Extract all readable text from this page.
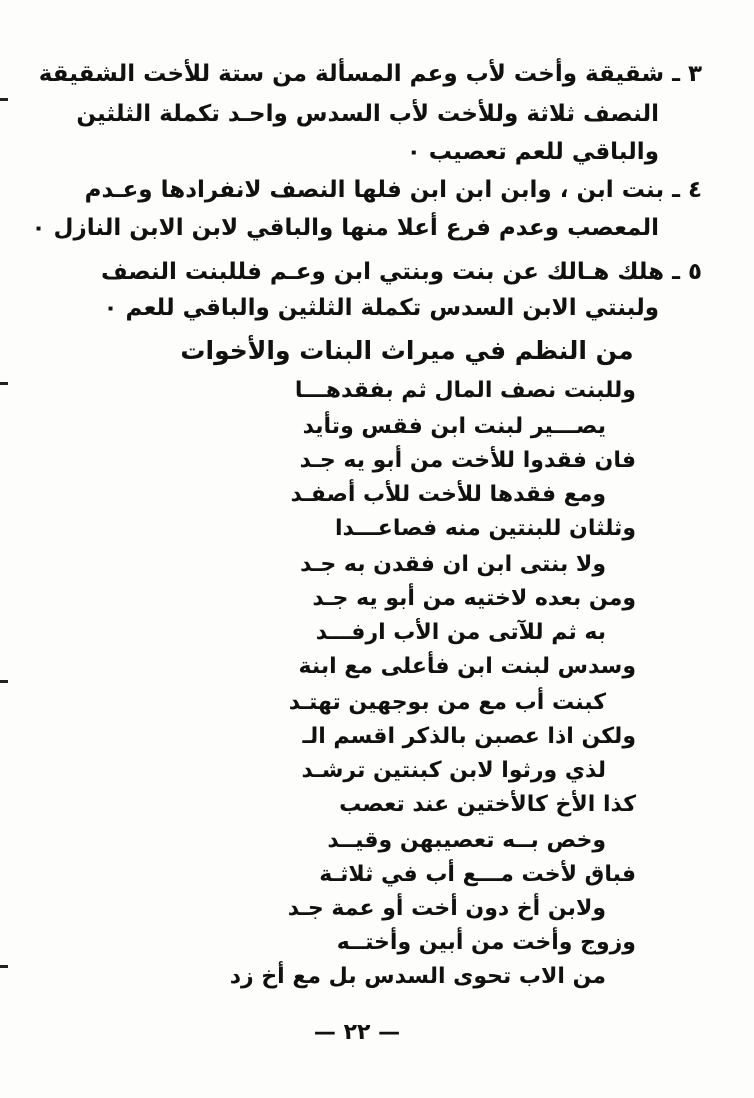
٣ ـ شقيقة وأخت لأب وعم المسألة من ستة للأخت الشقيقة
النصف ثلاثة وللأخت لأب السدس واحـد تكملة الثلثين
والباقي للعم تعصيب ٠
٤ ـ بنت ابن ، وابن ابن ابن فلها النصف لانفرادها وعـدم
المعصب وعدم فرع أعلا منها والباقي لابن الابن النازل ٠
٥ ـ هلك هـالك عن بنت وبنتي ابن وعـم فللبنت النصف
ولبنتي الابن السدس تكملة الثلثين والباقي للعم ٠
من النظم في ميراث البنات والأخوات
وللبنت نصف المال ثم بفقدهـــا
يصـــير لبنت ابن فقس وتأيد
فان فقدوا للأخت من أبو يه جـد
ومع فقدها للأخت للأب أصفـد
وثلثان للبنتين منه فصاعـــدا
ولا بنتى ابن ان فقدن به جـد
ومن بعده لاختيه من أبو يه جـد
به ثم للآتى من الأب ارفـــد
وسدس لبنت ابن فأعلى مع ابنة
كبنت أب مع من بوجهين تهتـد
ولكن اذا عصبن بالذكر اقسم الـ
لذي ورثوا لابن كبنتين ترشـد
كذا الأخ كالأختين عند تعصب
وخص بــه تعصيبهن وقيــد
فباق لأخت مـــع أب في ثلاثـة
ولابن أخ دون أخت أو عمة جـد
وزوج وأخت من أبين وأختــه
من الاب تحوى السدس بل مع أخ زد
— ٢٢ —
